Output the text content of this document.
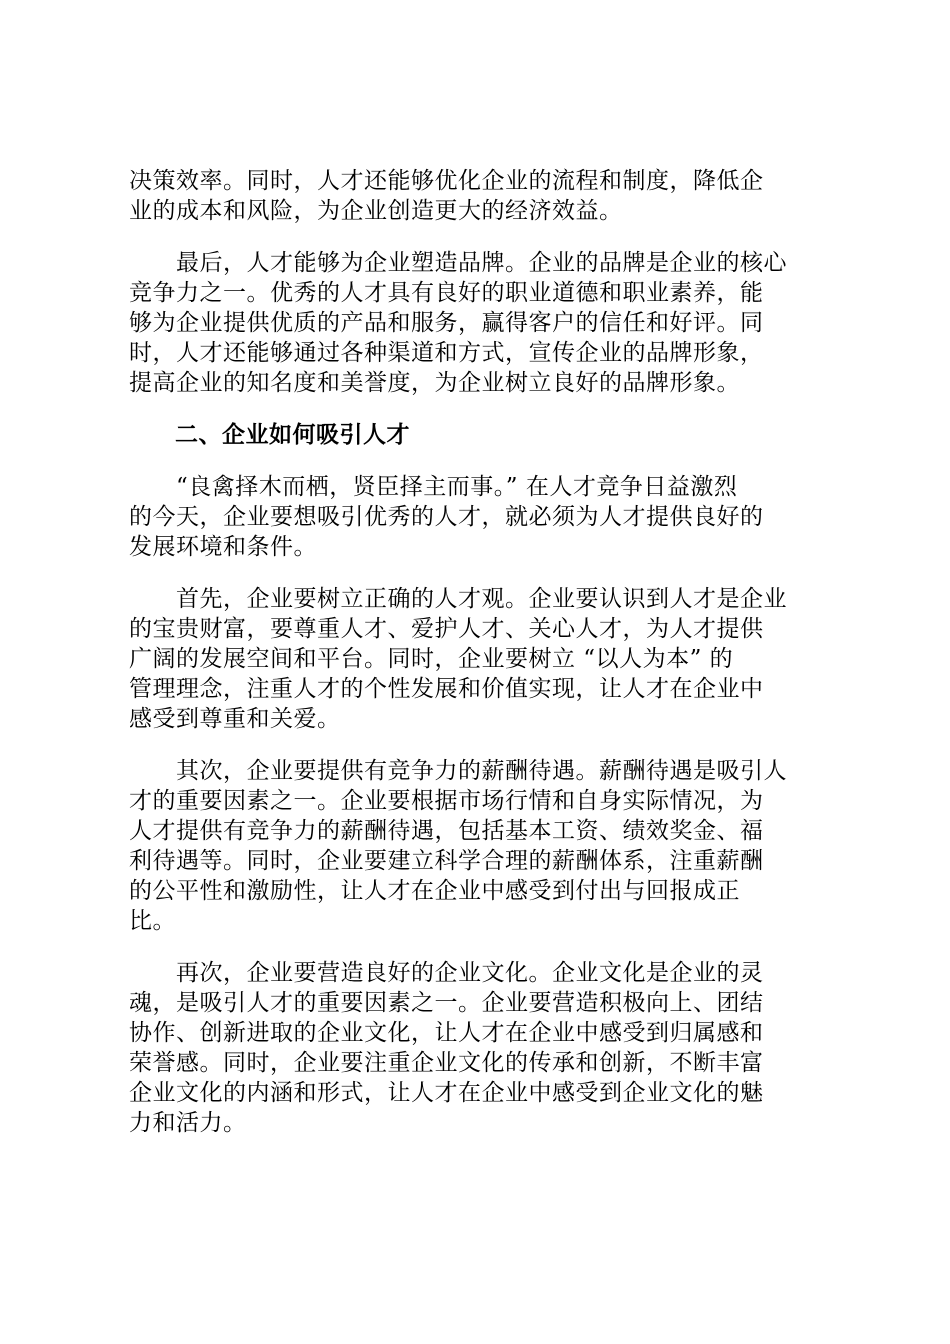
决策效率。同时，人才还能够优化企业的流程和制度，降低企
业的成本和风险，为企业创造更大的经济效益。

　　最后，人才能够为企业塑造品牌。企业的品牌是企业的核心
竞争力之一。优秀的人才具有良好的职业道德和职业素养，能
够为企业提供优质的产品和服务，赢得客户的信任和好评。同
时，人才还能够通过各种渠道和方式，宣传企业的品牌形象，
提高企业的知名度和美誉度，为企业树立良好的品牌形象。

二、企业如何吸引人才

　　“良禽择木而栖，贤臣择主而事。” 在人才竞争日益激烈
的今天，企业要想吸引优秀的人才，就必须为人才提供良好的
发展环境和条件。

　　首先，企业要树立正确的人才观。企业要认识到人才是企业
的宝贵财富，要尊重人才、爱护人才、关心人才，为人才提供
广阔的发展空间和平台。同时，企业要树立 “以人为本” 的
管理理念，注重人才的个性发展和价值实现，让人才在企业中
感受到尊重和关爱。

　　其次，企业要提供有竞争力的薪酬待遇。薪酬待遇是吸引人
才的重要因素之一。企业要根据市场行情和自身实际情况，为
人才提供有竞争力的薪酬待遇，包括基本工资、绩效奖金、福
利待遇等。同时，企业要建立科学合理的薪酬体系，注重薪酬
的公平性和激励性，让人才在企业中感受到付出与回报成正
比。

　　再次，企业要营造良好的企业文化。企业文化是企业的灵
魂，是吸引人才的重要因素之一。企业要营造积极向上、团结
协作、创新进取的企业文化，让人才在企业中感受到归属感和
荣誉感。同时，企业要注重企业文化的传承和创新，不断丰富
企业文化的内涵和形式，让人才在企业中感受到企业文化的魅
力和活力。
